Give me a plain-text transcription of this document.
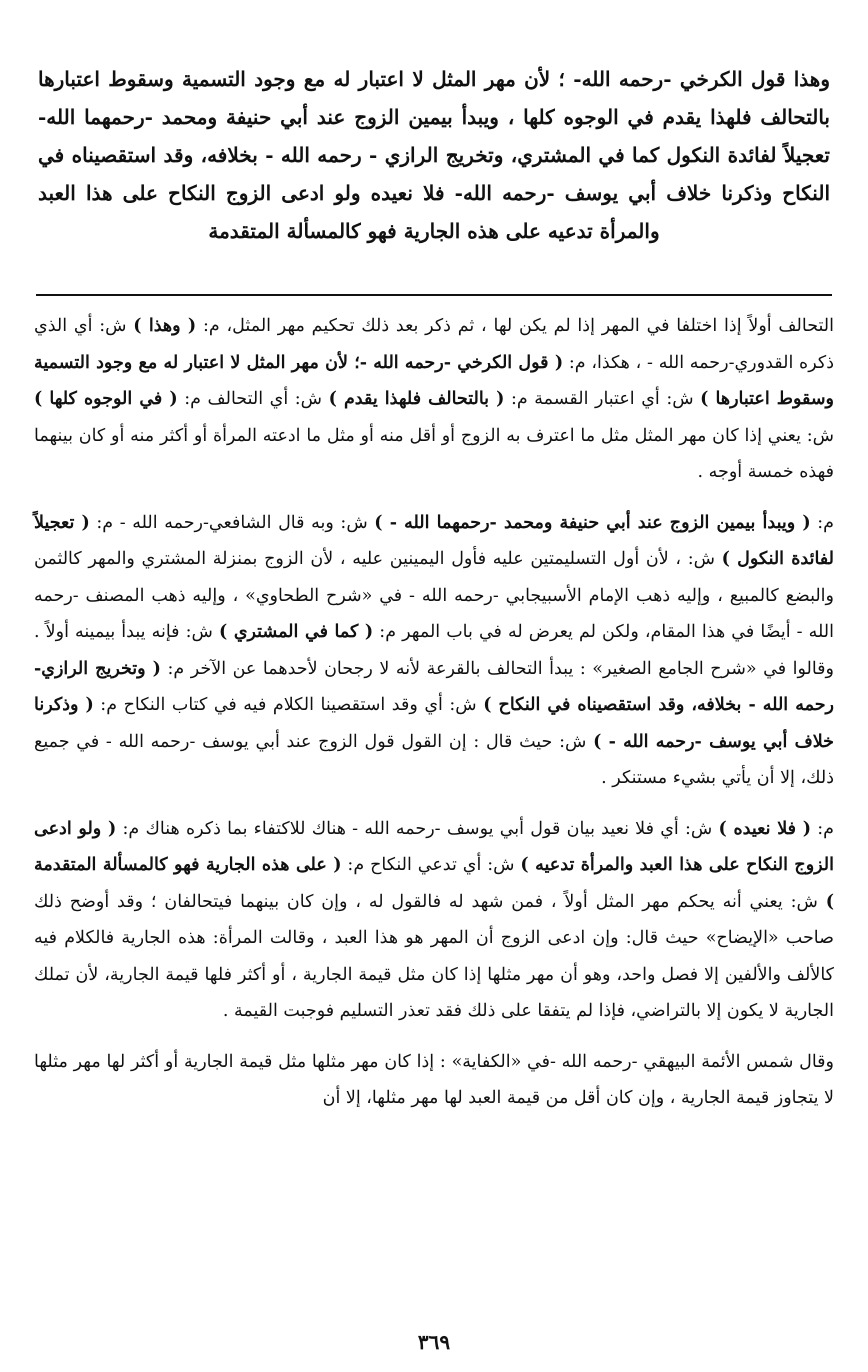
وهذا قول الكرخي -رحمه الله- ؛ لأن مهر المثل لا اعتبار له مع وجود التسمية وسقوط اعتبارها بالتحالف فلهذا يقدم في الوجوه كلها ، ويبدأ بيمين الزوج عند أبي حنيفة ومحمد -رحمهما الله- تعجيلاً لفائدة النكول كما في المشتري، وتخريج الرازي - رحمه الله - بخلافه، وقد استقصيناه في النكاح وذكرنا خلاف أبي يوسف -رحمه الله- فلا نعيده ولو ادعى الزوج النكاح على هذا العبد والمرأة تدعيه على هذه الجارية فهو كالمسألة المتقدمة

التحالف أولاً إذا اختلفا في المهر إذا لم يكن لها ، ثم ذكر بعد ذلك تحكيم مهر المثل، م: ( وهذا ) ش: أي الذي ذكره القدوري-رحمه الله - ، هكذا، م: ( قول الكرخي -رحمه الله -؛ لأن مهر المثل لا اعتبار له مع وجود التسمية وسقوط اعتبارها ) ش: أي اعتبار القسمة م: ( بالتحالف فلهذا يقدم ) ش: أي التحالف م: ( في الوجوه كلها ) ش: يعني إذا كان مهر المثل مثل ما اعترف به الزوج أو أقل منه أو مثل ما ادعته المرأة أو أكثر منه أو كان بينهما فهذه خمسة أوجه .

م: ( ويبدأ بيمين الزوج عند أبي حنيفة ومحمد -رحمهما الله - ) ش: وبه قال الشافعي-رحمه الله - م: ( تعجيلاً لفائدة النكول ) ش: ، لأن أول التسليمتين عليه فأول اليمينين عليه ، لأن الزوج بمنزلة المشتري والمهر كالثمن والبضع كالمبيع ، وإليه ذهب الإمام الأسبيجابي -رحمه الله - في «شرح الطحاوي» ، وإليه ذهب المصنف -رحمه الله - أيضًا في هذا المقام، ولكن لم يعرض له في باب المهر م: ( كما في المشتري ) ش: فإنه يبدأ بيمينه أولاً . وقالوا في «شرح الجامع الصغير» : يبدأ التحالف بالقرعة لأنه لا رجحان لأحدهما عن الآخر م: ( وتخريج الرازي- رحمه الله - بخلافه، وقد استقصيناه في النكاح ) ش: أي وقد استقصينا الكلام فيه في كتاب النكاح م: ( وذكرنا خلاف أبي يوسف -رحمه الله - ) ش: حيث قال : إن القول قول الزوج عند أبي يوسف -رحمه الله - في جميع ذلك، إلا أن يأتي بشيء مستنكر .

م: ( فلا نعيده ) ش: أي فلا نعيد بيان قول أبي يوسف -رحمه الله - هناك للاكتفاء بما ذكره هناك م: ( ولو ادعى الزوج النكاح على هذا العبد والمرأة تدعيه ) ش: أي تدعي النكاح م: ( على هذه الجارية فهو كالمسألة المتقدمة ) ش: يعني أنه يحكم مهر المثل أولاً ، فمن شهد له فالقول له ، وإن كان بينهما فيتحالفان ؛ وقد أوضح ذلك صاحب «الإيضاح» حيث قال: وإن ادعى الزوج أن المهر هو هذا العبد ، وقالت المرأة: هذه الجارية فالكلام فيه كالألف والألفين إلا فصل واحد، وهو أن مهر مثلها إذا كان مثل قيمة الجارية ، أو أكثر فلها قيمة الجارية، لأن تملك الجارية لا يكون إلا بالتراضي، فإذا لم يتفقا على ذلك فقد تعذر التسليم فوجبت القيمة .

وقال شمس الأئمة البيهقي -رحمه الله -في «الكفاية» : إذا كان مهر مثلها مثل قيمة الجارية أو أكثر لها مهر مثلها لا يتجاوز قيمة الجارية ، وإن كان أقل من قيمة العبد لها مهر مثلها، إلا أن

٣٦٩
